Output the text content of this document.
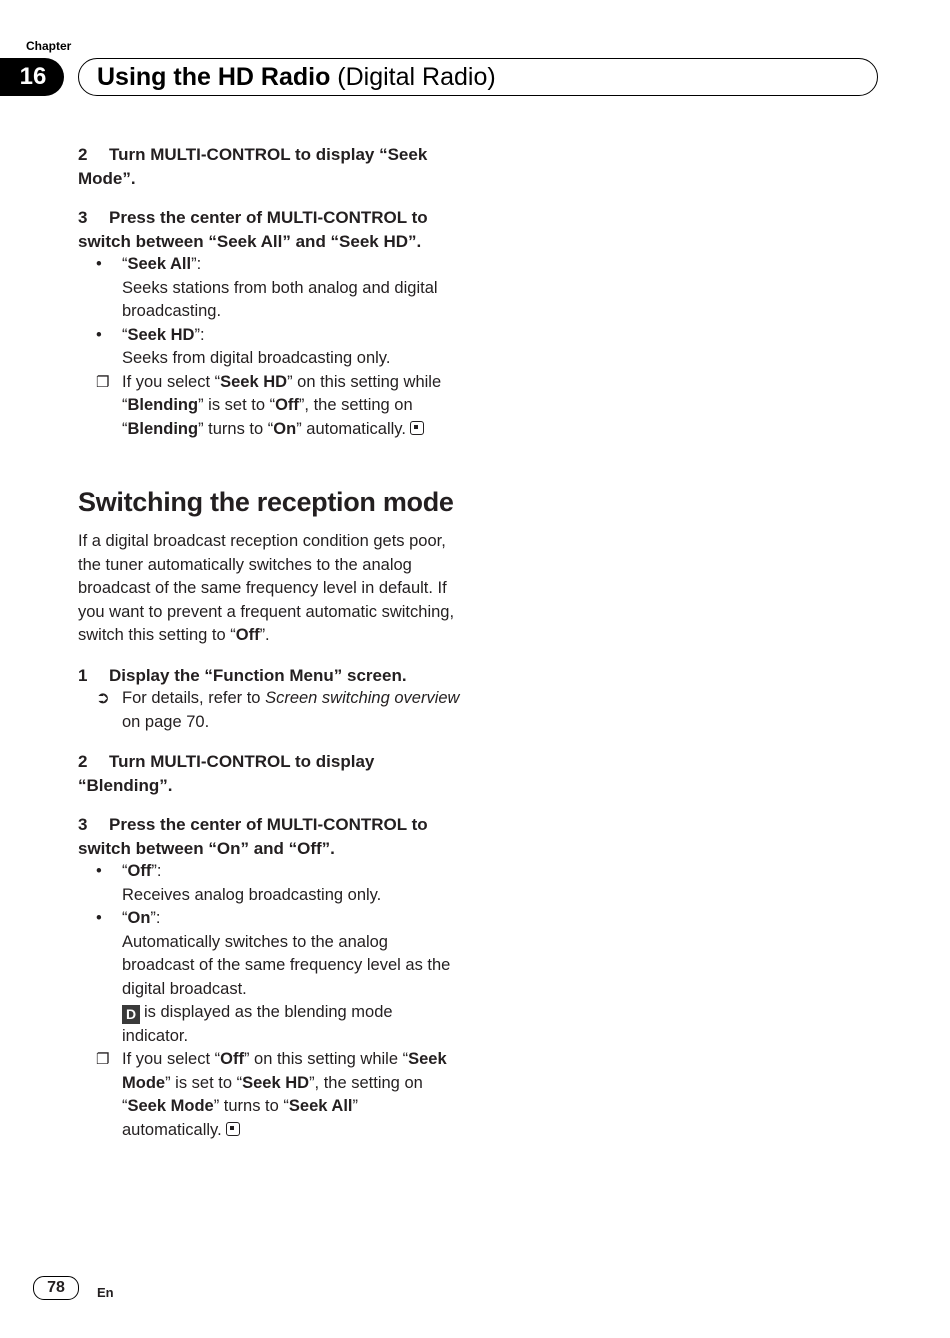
Chapter
16	Using the HD Radio (Digital Radio)
2 Turn MULTI-CONTROL to display “Seek Mode”.
3 Press the center of MULTI-CONTROL to switch between “Seek All” and “Seek HD”.
•	“Seek All”:
Seeks stations from both analog and digital broadcasting.
•	“Seek HD”:
Seeks from digital broadcasting only.
❐ If you select “Seek HD” on this setting while “Blending” is set to “Off”, the setting on “Blending” turns to “On” automatically.
Switching the reception mode
If a digital broadcast reception condition gets poor, the tuner automatically switches to the analog broadcast of the same frequency level in default. If you want to prevent a frequent automatic switching, switch this setting to “Off”.
1 Display the “Function Menu” screen.
➲ For details, refer to Screen switching overview on page 70.
2 Turn MULTI-CONTROL to display “Blending”.
3 Press the center of MULTI-CONTROL to switch between “On” and “Off”.
•	“Off”:
Receives analog broadcasting only.
•	“On”:
Automatically switches to the analog broadcast of the same frequency level as the digital broadcast.
D is displayed as the blending mode indicator.
❐ If you select “Off” on this setting while “Seek Mode” is set to “Seek HD”, the setting on “Seek Mode” turns to “Seek All” automatically.
78	En
